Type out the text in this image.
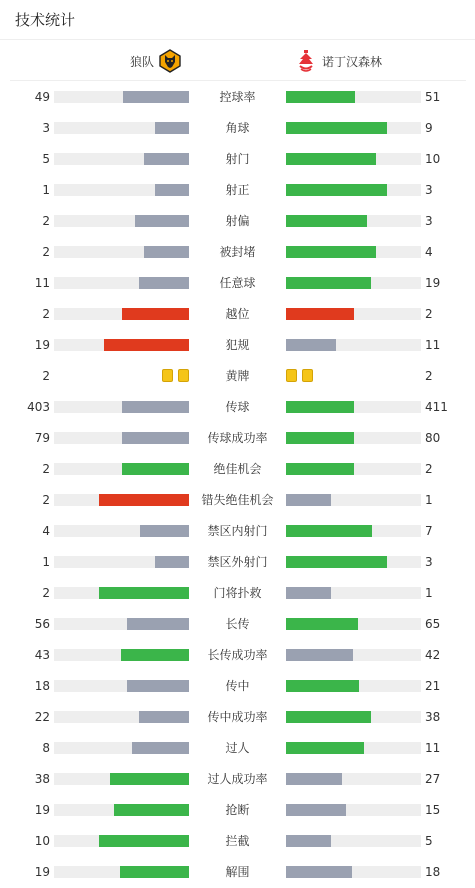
技术统计
狼队	诺丁汉森林
49	控球率	51
3	角球	9
5	射门	10
1	射正	3
2	射偏	3
2	被封堵	4
11	任意球	19
2	越位	2
19	犯规	11
2	黄牌	2
403	传球	411
79	传球成功率	80
2	绝佳机会	2
2	错失绝佳机会	1
4	禁区内射门	7
1	禁区外射门	3
2	门将扑救	1
56	长传	65
43	长传成功率	42
18	传中	21
22	传中成功率	38
8	过人	11
38	过人成功率	27
19	抢断	15
10	拦截	5
19	解围	18
